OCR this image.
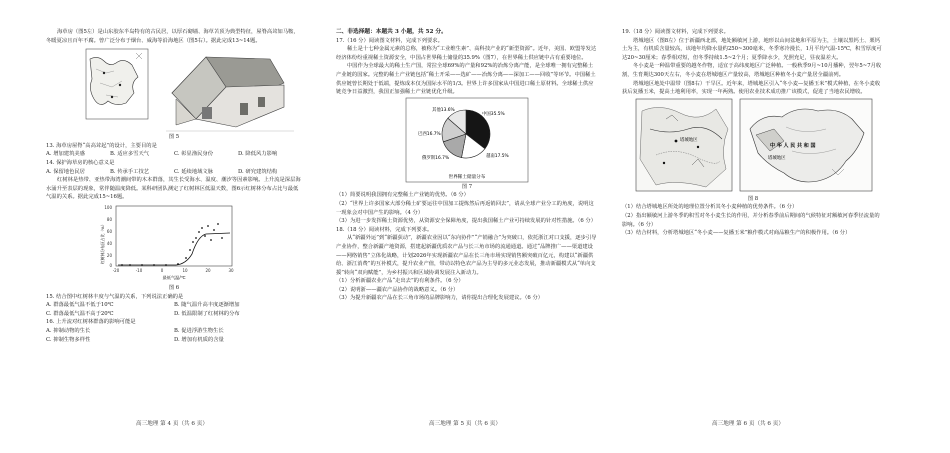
海草房（图5左）是山东胶东半岛特有的古民居，以厚石砌墙、海草苫顶为典型特征，屋脊高耸如马鞍，冬暖夏凉且百年不腐。曾广泛分布于烟台、威海等沿海地区（图5右）。据此完成13~14题。

图 5

13. 海草房屋脊“高高耸起”的设计，主要目的是

A. 增加建筑美感	B. 适应多雪天气	C. 彰显渔民身份	D. 降低风力影响

14. 保护海草房的核心意义是

A. 保留地色民居	B. 传承手工技艺	C. 延续地域文脉	D. 研究建筑结构

红树林是热带、亚热带海湾潮间带的木本群落，其生长受海水、温度、潮汐等因素影响。上升流是深层海水涌升至表层的现象，常伴随温度降低。某科研团队测定了红树林区低温天数，图6示红树林分布占比与最低气温的关系。据此完成15~16题。

100
80
60
40
20
0
-20	-10	0	10	20	30
最低气温/℃
红树林分布区占比（%）

图 6

15. 结合图中红树林丰度与气温的关系，下列说法正确的是

A. 群落最低气温不低于10℃	B. 随气温升高丰度逐渐增加
C. 群落最低气温不高于20℃	D. 低温限制了红树林的分布

16. 上升流对红树林群落的影响可能是

A. 抑制动物的生长	B. 促进浮游生物生长
C. 抑制生物多样性	D. 增加有机质的含量
高三地理 第 4 页（共 6 页）

二、非选择题：本题共 3 小题，共 52 分。

17.（16 分）阅读图文材料，完成下列要求。

稀土是十七种金属元素的总称，被称为“工业维生素”、高科技产业的“新型资源”。近年，美国、欧盟等发达经济体纷纷重视稀土资源安全，中国占世界稀土储量的35.9%（图7），在世界稀土供应链中占有重要地位。

中国作为全球最大的稀土生产国，常拉全球69%的产量和92%的冶炼分离产能，是全球唯一拥有完整稀土产业链的国家。完整的稀土产业链包括“稀土开采——选矿——冶炼分离——深加工——回收”等环节。中国稀土供应链曾长期处于低端，提炼成本仅为国际水平的1/3。世界上许多国家从中国进口稀土原材料。全球稀土供应链竞争日益激烈，我国正加强稀土产业链优化升级。

世界稀土储量分布
中国35.5%
越南17.5%
俄罗斯16.7%
巴西16.7%
其他13.6%

图 7

（1）简要说明我国拥有完整稀土产业链的优势。（6 分）

（2）“世界上许多国家大部分稀土矿要运往中国加工提炼然后再返销回去”，请从全球产业分工的角度，说明这一现象会对中国产生的影响。（4 分）

（3）为进一步发挥稀土资源优势，从资源安全保障角度，提出我国稀土产业可持续发展的针对性措施。（6 分）

18.（18 分）阅读材料，完成下列要求。

从“新疆外运”到“新疆获动”，新疆农业因以“东向协作”“产销融合”为突破口，依托浙江对口支援，逐步引导产业协作，整合新疆产地资源，搭建起新疆优质农产品与长三角市场的流通通道。通过“品牌推广——渠道建设——网络销售”立体化战略，计划2026年实现新疆农产品在长三角市场实现销售额突破百亿元，构建以“新疆供给、浙江消费”的互补模式，提升农业产值，带动以特色农产品为主导的多元业态发展，推动新疆模式从“单向支援”转向“双向赋能”，为乡村振兴和区域协调发展注入新动力。

（1）分析新疆农业产品“走出去”的有利条件。（6 分）

（2）说明浙——疆农产品协作的战略意义。（6 分）

（3）为提升新疆农产品在长三角市场的品牌影响力，请你提出合理化发展建议。（6 分）

高三地理 第 5 页（共 6 页）

19.（18 分）阅读图文材料，完成下列要求。

塔城地区（图8左）位于新疆西北部，地处额敏河上游，地形以山间盆地和平原为主，土壤以黑钙土、栗钙土为主，有机质含量较高，该地年均降水量约250~300毫米，冬季寒冷漫长，1月平均气温-15℃，积雪厚度可达20~30厘米；春季相对短，但冬季持续1.5~2个月；夏季降水少，光照充足，昼夜温差大。

冬小麦是一种温带重要的越冬作物，适宜于高纬度地区广泛种植。一般秋季9月~10月播种，翌年5~7月收割，生育期达300天左右，冬小麦在塔城地区产量较高，塔城地区种植冬小麦产量居全疆前列。

塔城地区地处中温带（图8右）干旱区。近年来，塔城地区引入“冬小麦—复播玉米”模式种植，在冬小麦收获后复播玉米，提高土地利用率，实现一年两熟。使用农业技术成功推广该模式，促进了当地农民增收。

塔城地区
中 华 人 民 共 和 国
塔城地区

图 8

（1）结合塔城地区所处的地理位置分析其冬小麦种植的优势条件。（6 分）

（2）指出额敏河上游冬季的积雪对冬小麦生长的作用，并分析春季前后期间的气候特征对额敏河春季径流量的影响。（6 分）

（3）结合材料，分析塔城地区“冬小麦——复播玉米”粮作模式对商品粮生产的积极作用。（6 分）

高三地理 第 6 页（共 6 页）
